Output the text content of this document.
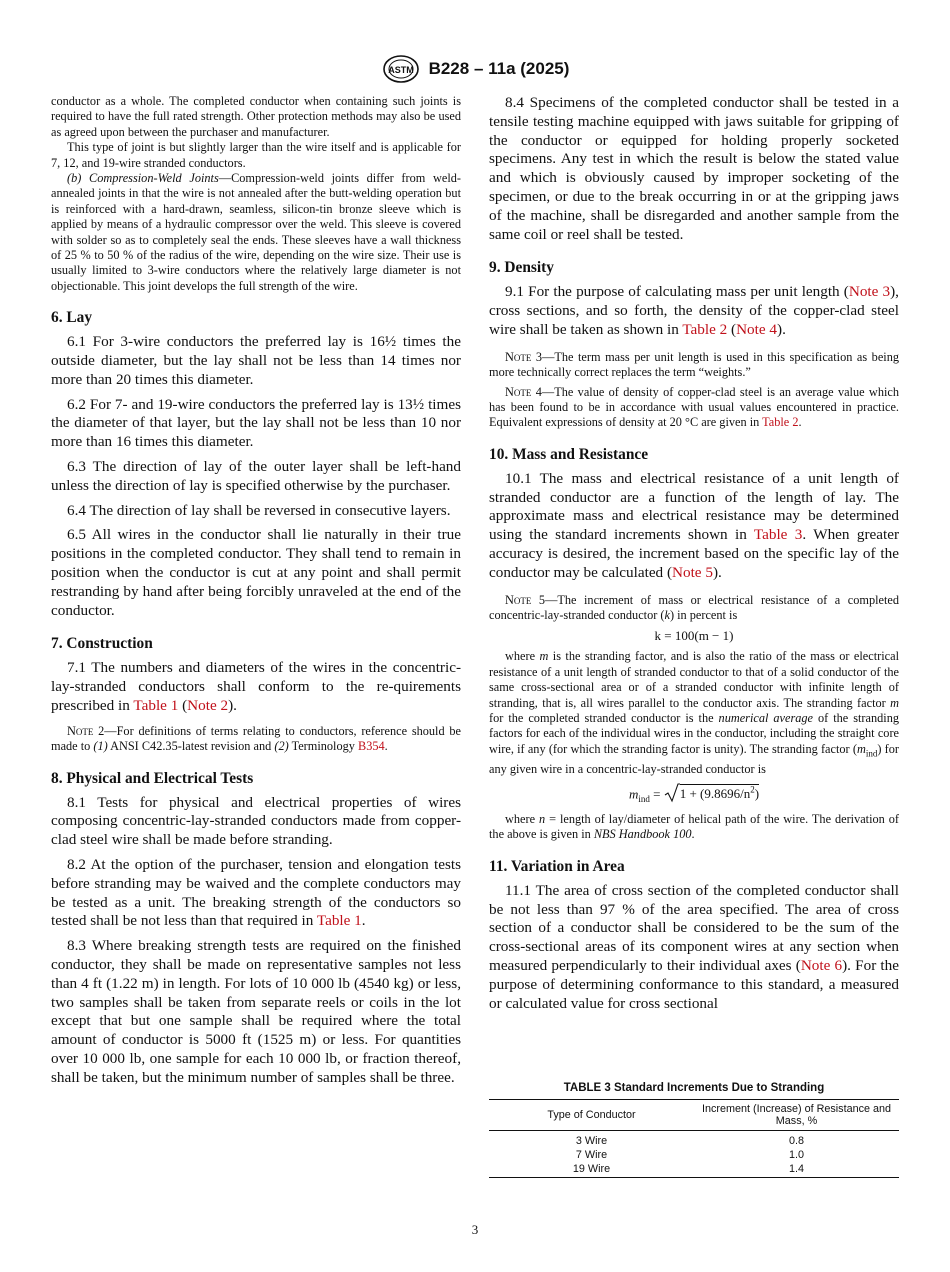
ASTM B228 – 11a (2025)

conductor as a whole. The completed conductor when containing such joints is required to have the full rated strength. Other protection methods may also be used as agreed upon between the purchaser and manufacturer.

This type of joint is but slightly larger than the wire itself and is applicable for 7, 12, and 19-wire stranded conductors.

(b) Compression-Weld Joints—Compression-weld joints differ from weld-annealed joints in that the wire is not annealed after the butt-welding operation but is reinforced with a hard-drawn, seamless, silicon-tin bronze sleeve which is applied by means of a hydraulic compressor over the weld. This sleeve is covered with solder so as to completely seal the ends. These sleeves have a wall thickness of 25 % to 50 % of the radius of the wire, depending on the wire size. Their use is usually limited to 3-wire conductors where the relatively large diameter is not objectionable. This joint develops the full strength of the wire.

6. Lay

6.1 For 3-wire conductors the preferred lay is 16½ times the outside diameter, but the lay shall not be less than 14 times nor more than 20 times this diameter.

6.2 For 7- and 19-wire conductors the preferred lay is 13½ times the diameter of that layer, but the lay shall not be less than 10 nor more than 16 times this diameter.

6.3 The direction of lay of the outer layer shall be left-hand unless the direction of lay is specified otherwise by the purchaser.

6.4 The direction of lay shall be reversed in consecutive layers.

6.5 All wires in the conductor shall lie naturally in their true positions in the completed conductor. They shall tend to remain in position when the conductor is cut at any point and shall permit restranding by hand after being forcibly unraveled at the end of the conductor.

7. Construction

7.1 The numbers and diameters of the wires in the concentric-lay-stranded conductors shall conform to the re-quirements prescribed in Table 1 (Note 2).

Note 2—For definitions of terms relating to conductors, reference should be made to (1) ANSI C42.35-latest revision and (2) Terminology B354.

8. Physical and Electrical Tests

8.1 Tests for physical and electrical properties of wires composing concentric-lay-stranded conductors made from copper-clad steel wire shall be made before stranding.

8.2 At the option of the purchaser, tension and elongation tests before stranding may be waived and the complete conductors may be tested as a unit. The breaking strength of the conductors so tested shall be not less than that required in Table 1.

8.3 Where breaking strength tests are required on the finished conductor, they shall be made on representative samples not less than 4 ft (1.22 m) in length. For lots of 10 000 lb (4540 kg) or less, two samples shall be taken from separate reels or coils in the lot except that but one sample shall be required where the total amount of conductor is 5000 ft (1525 m) or less. For quantities over 10 000 lb, one sample for each 10 000 lb, or fraction thereof, shall be taken, but the minimum number of samples shall be three.

8.4 Specimens of the completed conductor shall be tested in a tensile testing machine equipped with jaws suitable for gripping of the conductor or equipped for holding properly socketed specimens. Any test in which the result is below the stated value and which is obviously caused by improper socketing of the specimen, or due to the break occurring in or at the gripping jaws of the machine, shall be disregarded and another sample from the same coil or reel shall be tested.

9. Density

9.1 For the purpose of calculating mass per unit length (Note 3), cross sections, and so forth, the density of the copper-clad steel wire shall be taken as shown in Table 2 (Note 4).

Note 3—The term mass per unit length is used in this specification as being more technically correct replaces the term “weights.”

Note 4—The value of density of copper-clad steel is an average value which has been found to be in accordance with usual values encountered in practice. Equivalent expressions of density at 20 °C are given in Table 2.

10. Mass and Resistance

10.1 The mass and electrical resistance of a unit length of stranded conductor are a function of the length of lay. The approximate mass and electrical resistance may be determined using the standard increments shown in Table 3. When greater accuracy is desired, the increment based on the specific lay of the conductor may be calculated (Note 5).

Note 5—The increment of mass or electrical resistance of a completed concentric-lay-stranded conductor (k) in percent is

k = 100(m − 1)

where m is the stranding factor, and is also the ratio of the mass or electrical resistance of a unit length of stranded conductor to that of a solid conductor of the same cross-sectional area or of a stranded conductor with infinite length of stranding, that is, all wires parallel to the conductor axis. The stranding factor m for the completed stranded conductor is the numerical average of the stranding factors for each of the individual wires in the conductor, including the straight core wire, if any (for which the stranding factor is unity). The stranding factor $(m_{ind})$ for any given wire in a concentric-lay-stranded conductor is

$m_{ind} = 1 + (9.8696/n^2)$

where n = length of lay/diameter of helical path of the wire. The derivation of the above is given in NBS Handbook 100.

11. Variation in Area

11.1 The area of cross section of the completed conductor shall be not less than 97 % of the area specified. The area of cross section of a conductor shall be considered to be the sum of the cross-sectional areas of its component wires at any section when measured perpendicularly to their individual axes (Note 6). For the purpose of determining conformance to this standard, a measured or calculated value for cross sectional

TABLE 3 Standard Increments Due to Stranding
Type of Conductor	Increment (Increase) of Resistance and Mass, %
3 Wire	0.8
7 Wire	1.0
19 Wire	1.4
3
